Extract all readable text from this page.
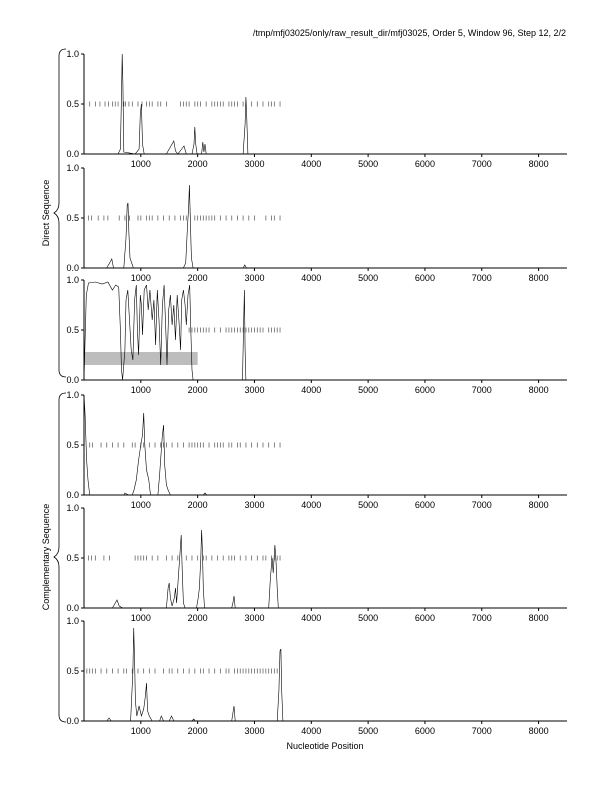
/tmp/mfj03025/only/raw_result_dir/mfj03025, Order 5, Window 96, Step 12, 2/2
0.0
0.5
1.0
1000	2000	3000	4000	5000	6000	7000	8000
0.0
0.5
1.0
1000	2000	3000	4000	5000	6000	7000	8000
0.0
0.5
1.0
1000	2000	3000	4000	5000	6000	7000	8000
0.0
0.5
1.0
1000	2000	3000	4000	5000	6000	7000	8000
0.0
0.5
1.0
1000	2000	3000	4000	5000	6000	7000	8000
0.0
0.5
1.0
1000	2000	3000	4000	5000	6000	7000	8000
Nucleotide Position
Direct Sequence
Complementary Sequence
